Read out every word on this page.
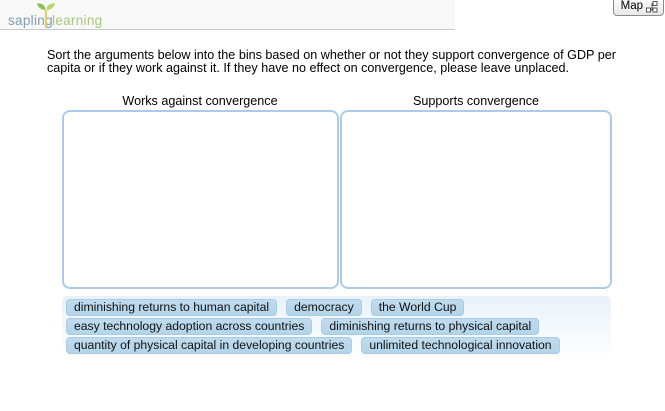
sapling learning
Map
Sort the arguments below into the bins based on whether or not they support convergence of GDP per capita or if they work against it. If they have no effect on convergence, please leave unplaced.
Works against convergence	Supports convergence
diminishing returns to human capital	democracy	the World Cup
easy technology adoption across countries	diminishing returns to physical capital
quantity of physical capital in developing countries	unlimited technological innovation
